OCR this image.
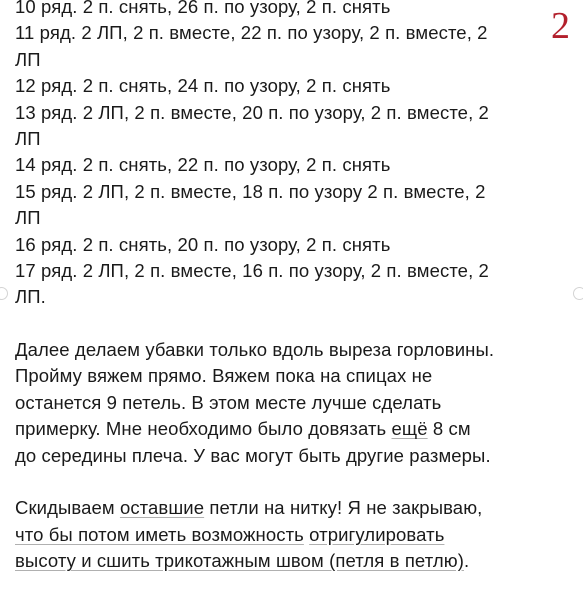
10 ряд. 2 п. снять, 26 п. по узору, 2 п. снять
11 ряд. 2 ЛП, 2 п. вместе, 22 п. по узору, 2 п. вместе, 2
ЛП
12 ряд. 2 п. снять, 24 п. по узору, 2 п. снять
13 ряд. 2 ЛП, 2 п. вместе, 20 п. по узору, 2 п. вместе, 2
ЛП
14 ряд. 2 п. снять, 22 п. по узору, 2 п. снять
15 ряд. 2 ЛП, 2 п. вместе, 18 п. по узору 2 п. вместе, 2
ЛП
16 ряд. 2 п. снять, 20 п. по узору, 2 п. снять
17 ряд. 2 ЛП, 2 п. вместе, 16 п. по узору, 2 п. вместе, 2
ЛП.
Далее делаем убавки только вдоль выреза горловины.
Пройму вяжем прямо. Вяжем пока на спицах не
останется 9 петель. В этом месте лучше сделать
примерку. Мне необходимо было довязать ещё 8 см
до середины плеча. У вас могут быть другие размеры.
Скидываем оставшие петли на нитку! Я не закрываю,
что бы потом иметь возможность отригулировать
высоту и сшить трикотажным швом (петля в петлю).
2
